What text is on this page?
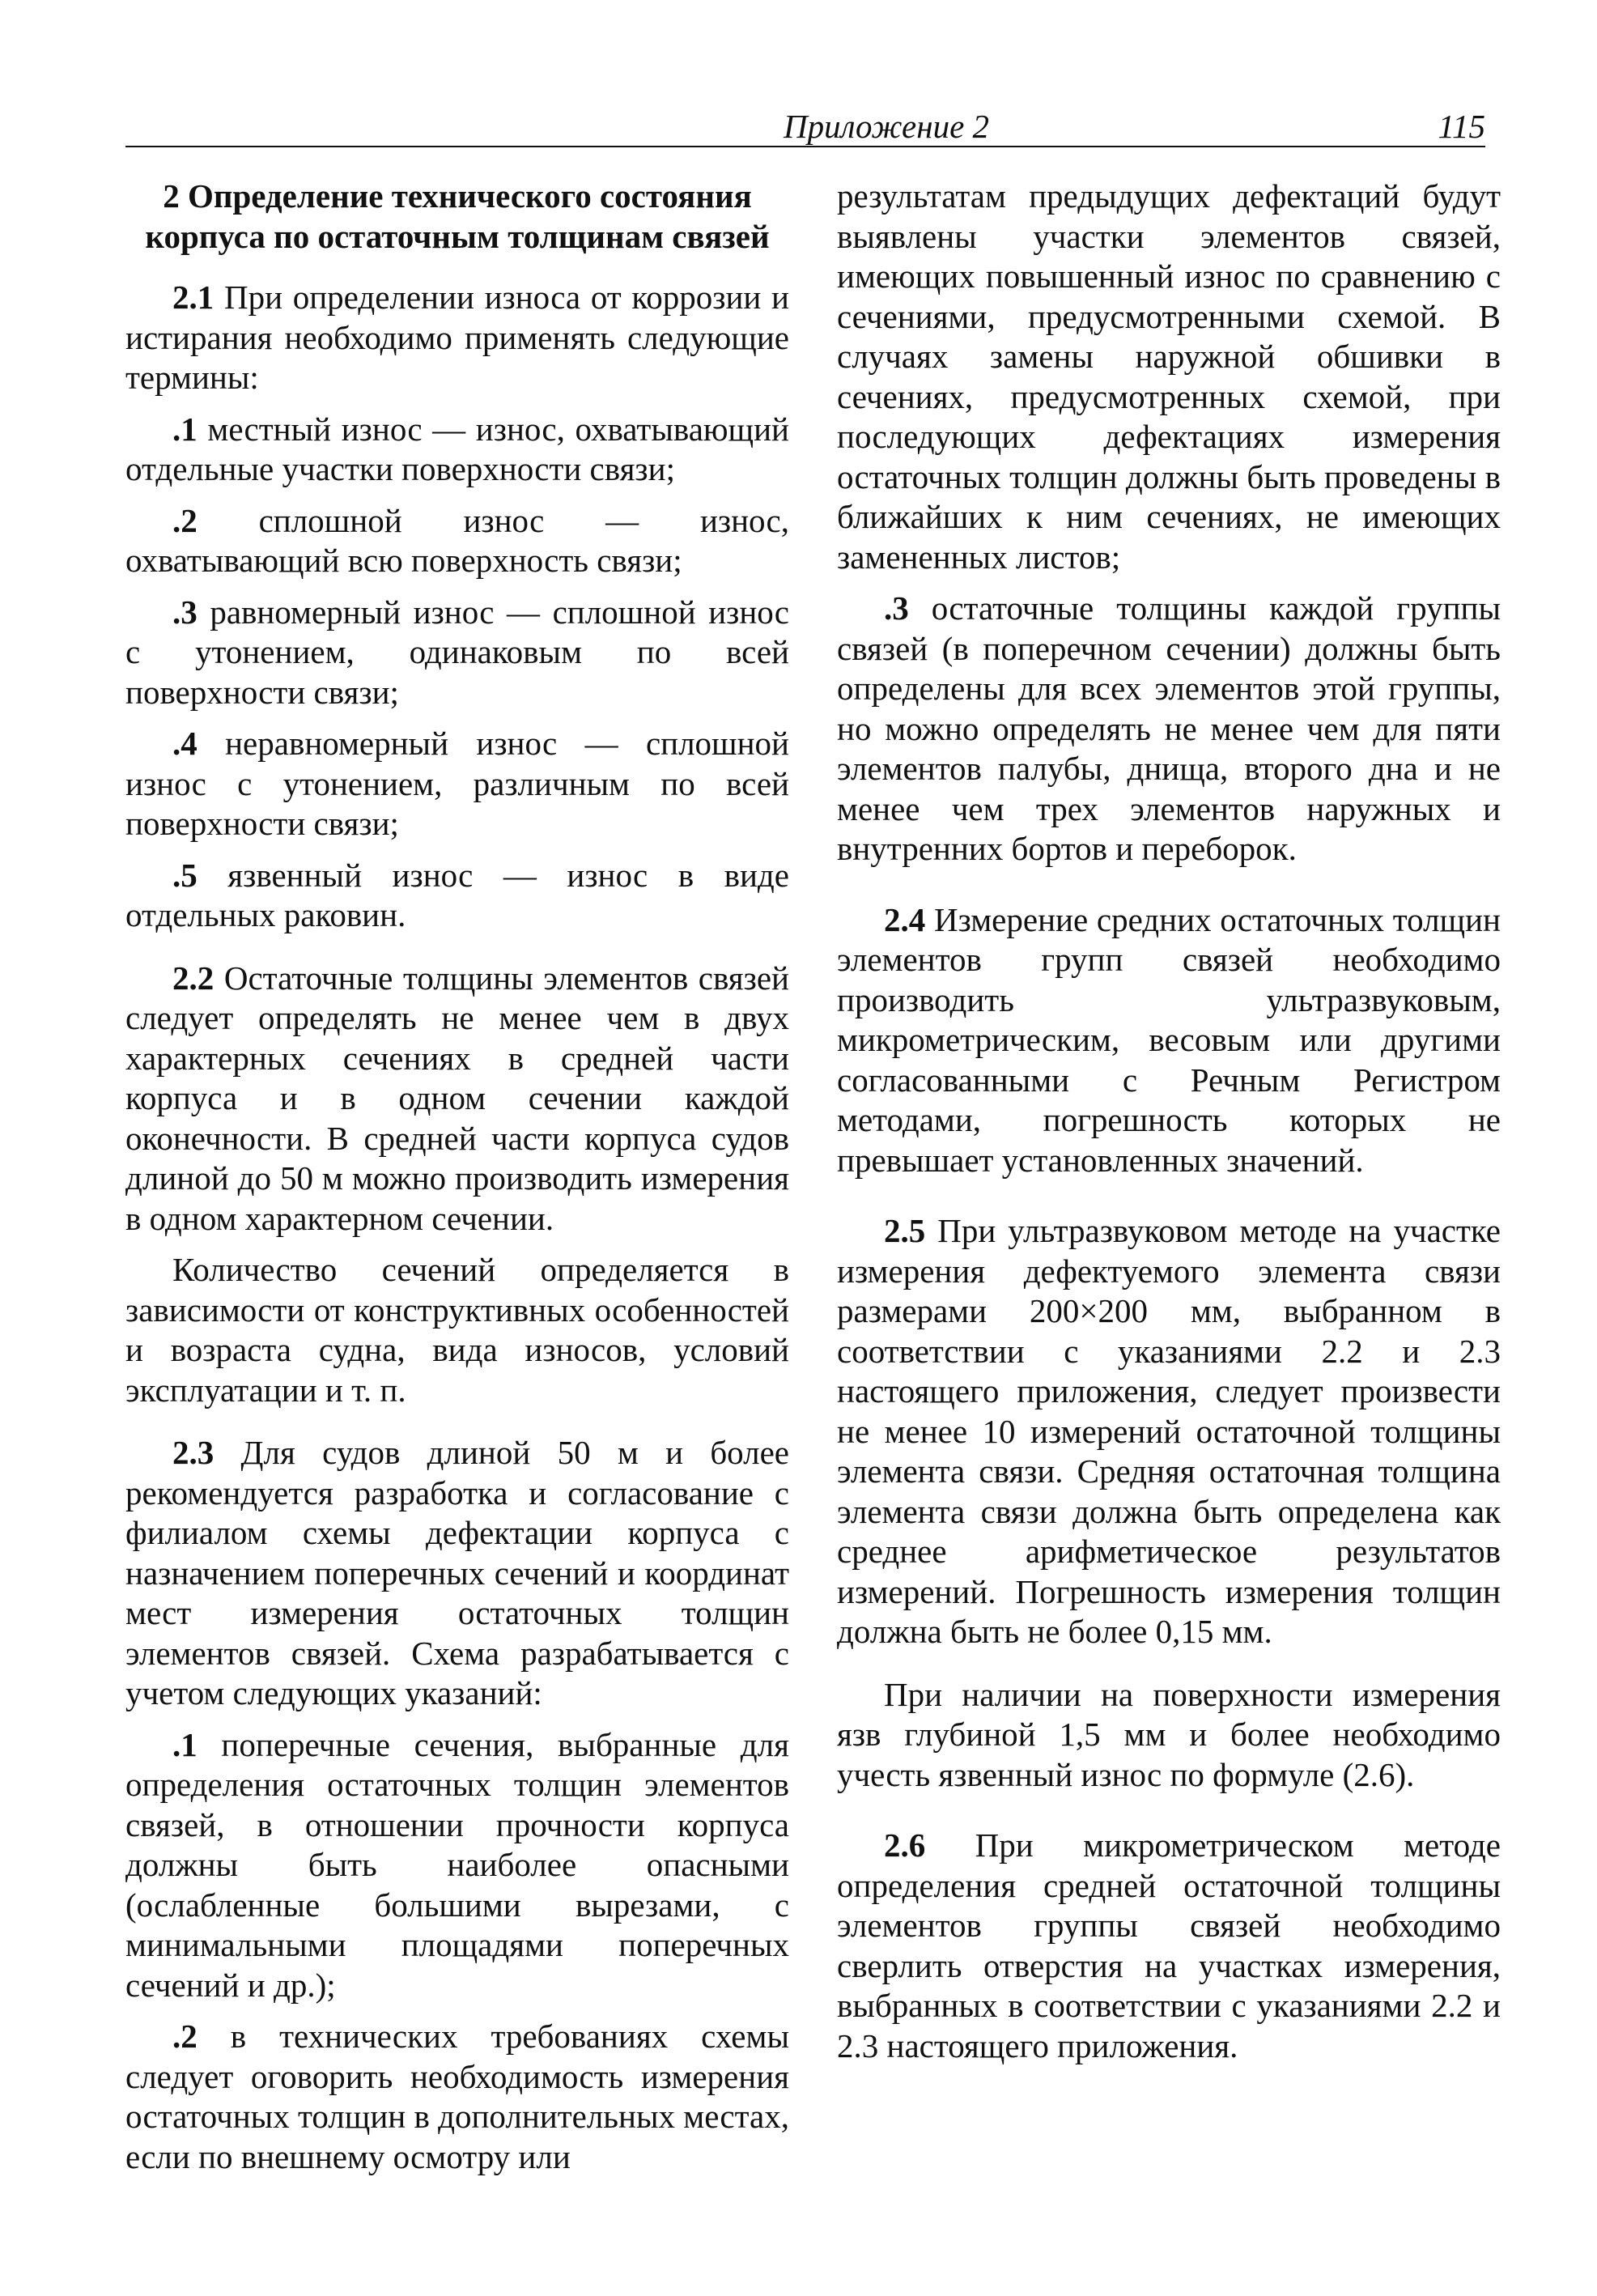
Приложение 2	115
2 Определение технического состояния корпуса по остаточным толщинам связей

2.1 При определении износа от коррозии и истирания необходимо применять следующие термины:

.1 местный износ — износ, охватывающий отдельные участки поверхности связи;

.2 сплошной износ — износ, охватывающий всю поверхность связи;

.3 равномерный износ — сплошной износ с утонением, одинаковым по всей поверхности связи;

.4 неравномерный износ — сплошной износ с утонением, различным по всей поверхности связи;

.5 язвенный износ — износ в виде отдельных раковин.

2.2 Остаточные толщины элементов связей следует определять не менее чем в двух характерных сечениях в средней части корпуса и в одном сечении каждой оконечности. В средней части корпуса судов длиной до 50 м можно производить измерения в одном характерном сечении.

Количество сечений определяется в зависимости от конструктивных особенностей и возраста судна, вида износов, условий эксплуатации и т. п.

2.3 Для судов длиной 50 м и более рекомендуется разработка и согласование с филиалом схемы дефектации корпуса с назначением поперечных сечений и координат мест измерения остаточных толщин элементов связей. Схема разрабатывается с учетом следующих указаний:

.1 поперечные сечения, выбранные для определения остаточных толщин элементов связей, в отношении прочности корпуса должны быть наиболее опасными (ослабленные большими вырезами, с минимальными площадями поперечных сечений и др.);

.2 в технических требованиях схемы следует оговорить необходимость измерения остаточных толщин в дополнительных местах, если по внешнему осмотру или

результатам предыдущих дефектаций будут выявлены участки элементов связей, имеющих повышенный износ по сравнению с сечениями, предусмотренными схемой. В случаях замены наружной обшивки в сечениях, предусмотренных схемой, при последующих дефектациях измерения остаточных толщин должны быть проведены в ближайших к ним сечениях, не имеющих замененных листов;

.3 остаточные толщины каждой группы связей (в поперечном сечении) должны быть определены для всех элементов этой группы, но можно определять не менее чем для пяти элементов палубы, днища, второго дна и не менее чем трех элементов наружных и внутренних бортов и переборок.

2.4 Измерение средних остаточных толщин элементов групп связей необходимо производить ультразвуковым, микрометрическим, весовым или другими согласованными с Речным Регистром методами, погрешность которых не превышает установленных значений.

2.5 При ультразвуковом методе на участке измерения дефектуемого элемента связи размерами 200×200 мм, выбранном в соответствии с указаниями 2.2 и 2.3 настоящего приложения, следует произвести не менее 10 измерений остаточной толщины элемента связи. Средняя остаточная толщина элемента связи должна быть определена как среднее арифметическое результатов измерений. Погрешность измерения толщин должна быть не более 0,15 мм.

При наличии на поверхности измерения язв глубиной 1,5 мм и более необходимо учесть язвенный износ по формуле (2.6).

2.6 При микрометрическом методе определения средней остаточной толщины элементов группы связей необходимо сверлить отверстия на участках измерения, выбранных в соответствии с указаниями 2.2 и 2.3 настоящего приложения.
